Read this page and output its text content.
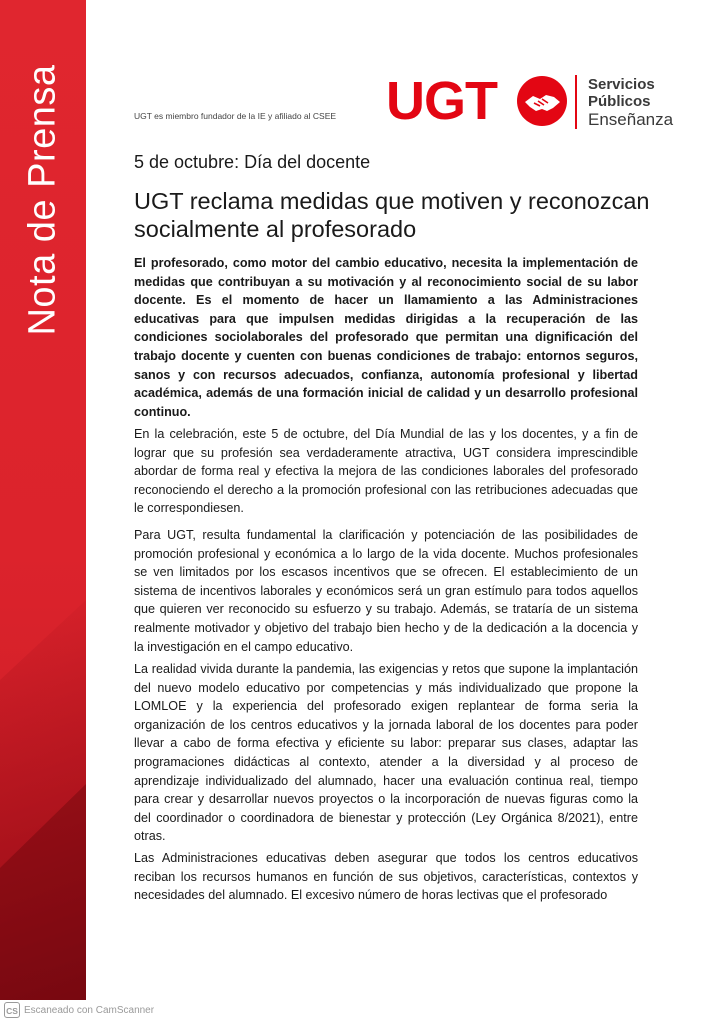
Nota de Prensa	UGT es miembro fundador de la IE y afiliado al CSEE UGT	Servicios
Públicos
Enseñanza
5 de octubre: Día del docente
UGT reclama medidas que motiven y reconozcan socialmente al profesorado

El profesorado, como motor del cambio educativo, necesita la implementación de medidas que contribuyan a su motivación y al reconocimiento social de su labor docente. Es el momento de hacer un llamamiento a las Administraciones educativas para que impulsen medidas dirigidas a la recuperación de las condiciones sociolaborales del profesorado que permitan una dignificación del trabajo docente y cuenten con buenas condiciones de trabajo: entornos seguros, sanos y con recursos adecuados, confianza, autonomía profesional y libertad académica, además de una formación inicial de calidad y un desarrollo profesional continuo.

En la celebración, este 5 de octubre, del Día Mundial de las y los docentes, y a fin de lograr que su profesión sea verdaderamente atractiva, UGT considera imprescindible abordar de forma real y efectiva la mejora de las condiciones laborales del profesorado reconociendo el derecho a la promoción profesional con las retribuciones adecuadas que le correspondiesen.

Para UGT, resulta fundamental la clarificación y potenciación de las posibilidades de promoción profesional y económica a lo largo de la vida docente. Muchos profesionales se ven limitados por los escasos incentivos que se ofrecen. El establecimiento de un sistema de incentivos laborales y económicos será un gran estímulo para todos aquellos que quieren ver reconocido su esfuerzo y su trabajo. Además, se trataría de un sistema realmente motivador y objetivo del trabajo bien hecho y de la dedicación a la docencia y la investigación en el campo educativo.

La realidad vivida durante la pandemia, las exigencias y retos que supone la implantación del nuevo modelo educativo por competencias y más individualizado que propone la LOMLOE y la experiencia del profesorado exigen replantear de forma seria la organización de los centros educativos y la jornada laboral de los docentes para poder llevar a cabo de forma efectiva y eficiente su labor: preparar sus clases, adaptar las programaciones didácticas al contexto, atender a la diversidad y al proceso de aprendizaje individualizado del alumnado, hacer una evaluación continua real, tiempo para crear y desarrollar nuevos proyectos o la incorporación de nuevas figuras como la del coordinador o coordinadora de bienestar y protección (Ley Orgánica 8/2021), entre otras.

Las Administraciones educativas deben asegurar que todos los centros educativos reciban los recursos humanos en función de sus objetivos, características, contextos y necesidades del alumnado. El excesivo número de horas lectivas que el profesorado

CS Escaneado con CamScanner
